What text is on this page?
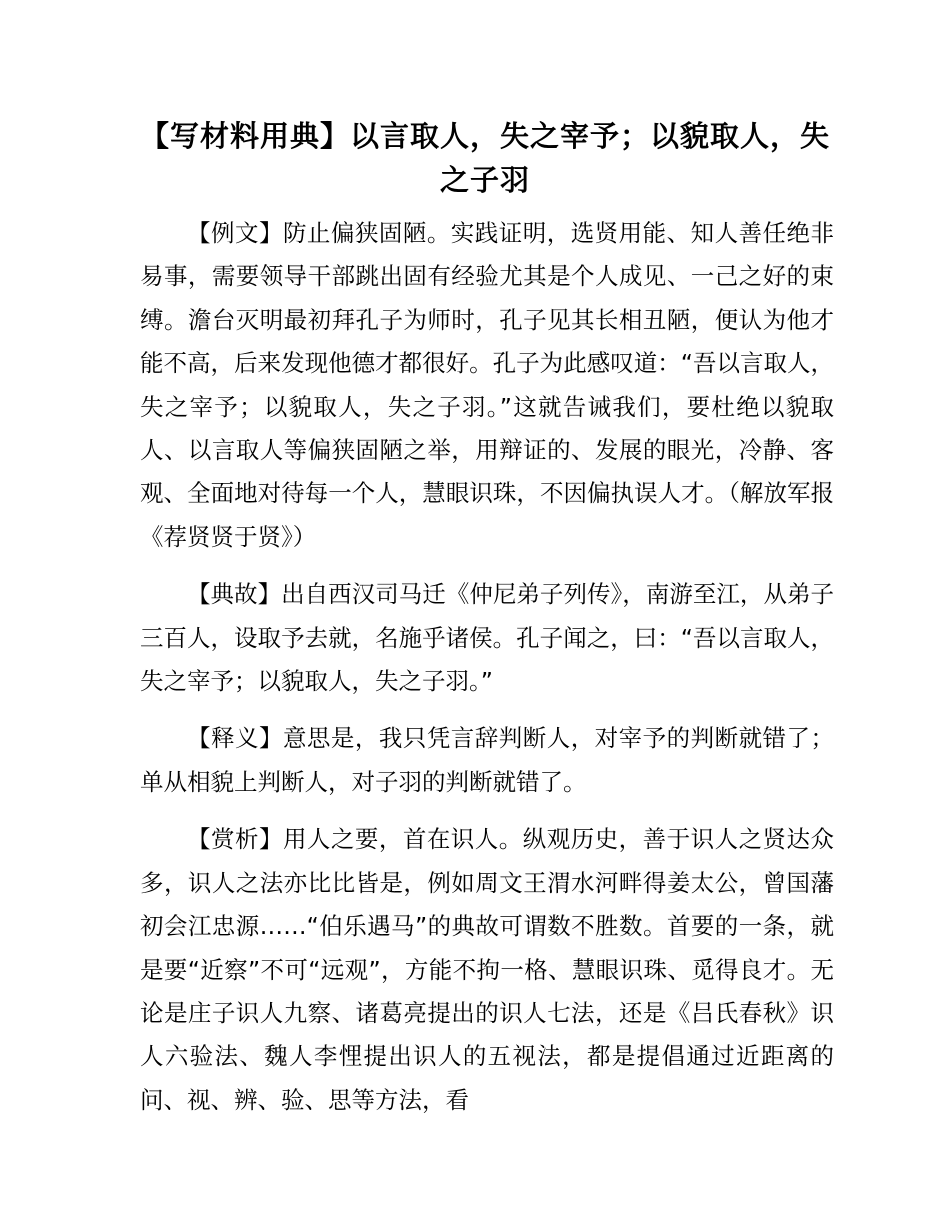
【写材料用典】以言取人，失之宰予；以貌取人，失之子羽

【例文】防止偏狭固陋。实践证明，选贤用能、知人善任绝非易事，需要领导干部跳出固有经验尤其是个人成见、一己之好的束缚。澹台灭明最初拜孔子为师时，孔子见其长相丑陋，便认为他才能不高，后来发现他德才都很好。孔子为此感叹道：“吾以言取人，失之宰予；以貌取人，失之子羽。”这就告诫我们，要杜绝以貌取人、以言取人等偏狭固陋之举，用辩证的、发展的眼光，冷静、客观、全面地对待每一个人，慧眼识珠，不因偏执误人才。（解放军报《荐贤贤于贤》）

【典故】出自西汉司马迁《仲尼弟子列传》，南游至江，从弟子三百人，设取予去就，名施乎诸侯。孔子闻之，曰：“吾以言取人，失之宰予；以貌取人，失之子羽。”

【释义】意思是，我只凭言辞判断人，对宰予的判断就错了；单从相貌上判断人，对子羽的判断就错了。

【赏析】用人之要，首在识人。纵观历史，善于识人之贤达众多，识人之法亦比比皆是，例如周文王渭水河畔得姜太公，曾国藩初会江忠源……“伯乐遇马”的典故可谓数不胜数。首要的一条，就是要“近察”不可“远观”，方能不拘一格、慧眼识珠、觅得良才。无论是庄子识人九察、诸葛亮提出的识人七法，还是《吕氏春秋》识人六验法、魏人李悝提出识人的五视法，都是提倡通过近距离的问、视、辨、验、思等方法，看
